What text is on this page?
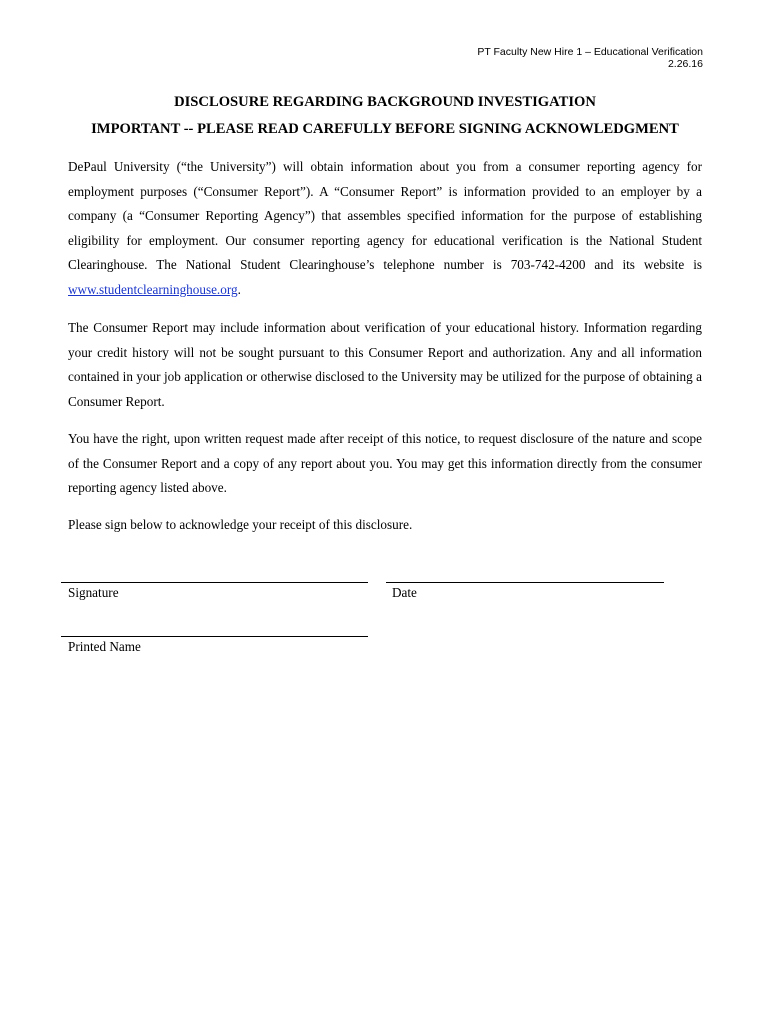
PT Faculty New Hire 1 – Educational Verification
2.26.16
DISCLOSURE REGARDING BACKGROUND INVESTIGATION
IMPORTANT -- PLEASE READ CAREFULLY BEFORE SIGNING ACKNOWLEDGMENT

DePaul University (“the University”) will obtain information about you from a consumer reporting agency for employment purposes (“Consumer Report”). A “Consumer Report” is information provided to an employer by a company (a “Consumer Reporting Agency”) that assembles specified information for the purpose of establishing eligibility for employment. Our consumer reporting agency for educational verification is the National Student Clearinghouse. The National Student Clearinghouse’s telephone number is 703-742-4200 and its website is www.studentclearninghouse.org.

The Consumer Report may include information about verification of your educational history. Information regarding your credit history will not be sought pursuant to this Consumer Report and authorization. Any and all information contained in your job application or otherwise disclosed to the University may be utilized for the purpose of obtaining a Consumer Report.

You have the right, upon written request made after receipt of this notice, to request disclosure of the nature and scope of the Consumer Report and a copy of any report about you. You may get this information directly from the consumer reporting agency listed above.

Please sign below to acknowledge your receipt of this disclosure.

Signature	Date
Printed Name
